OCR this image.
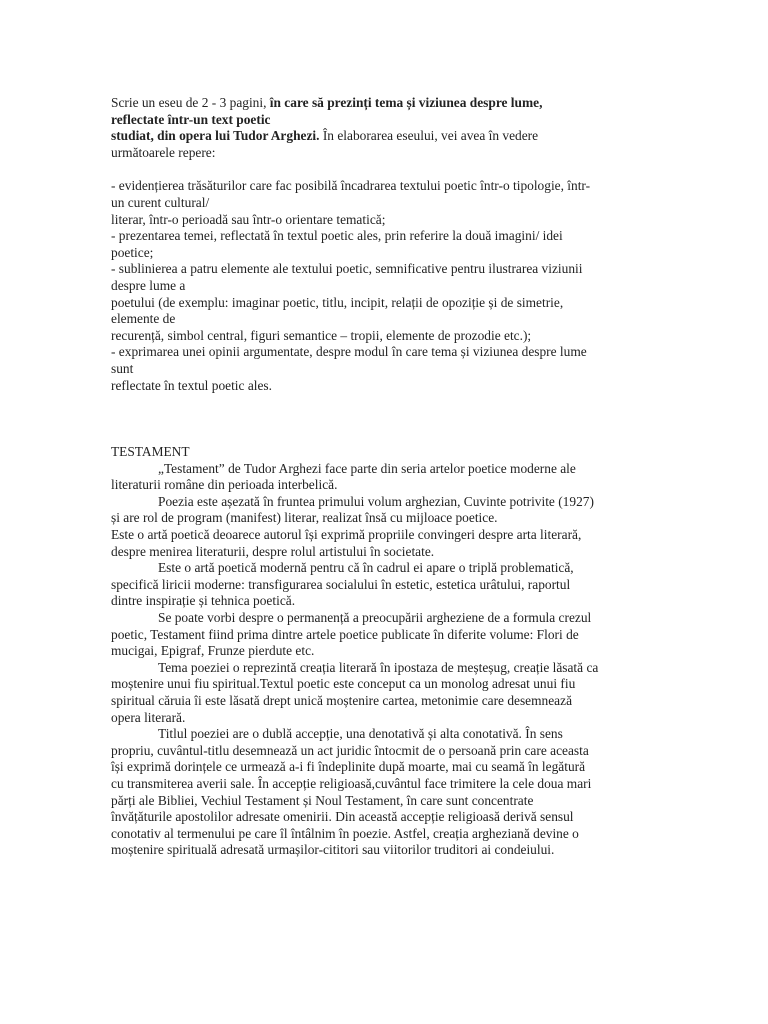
Scrie un eseu de 2 - 3 pagini, în care să prezinți tema și viziunea despre lume,
reflectate într-un text poetic
studiat, din opera lui Tudor Arghezi. În elaborarea eseului, vei avea în vedere
următoarele repere:
- evidențierea trăsăturilor care fac posibilă încadrarea textului poetic într-o tipologie, într-
un curent cultural/
literar, într-o perioadă sau într-o orientare tematică;
- prezentarea temei, reflectată în textul poetic ales, prin referire la două imagini/ idei
poetice;
- sublinierea a patru elemente ale textului poetic, semnificative pentru ilustrarea viziunii
despre lume a
poetului (de exemplu: imaginar poetic, titlu, incipit, relații de opoziție și de simetrie,
elemente de
recurență, simbol central, figuri semantice – tropii, elemente de prozodie etc.);
- exprimarea unei opinii argumentate, despre modul în care tema și viziunea despre lume
sunt
reflectate în textul poetic ales.
TESTAMENT
„Testament” de Tudor Arghezi face parte din seria artelor poetice moderne ale
literaturii române din perioada interbelică.
Poezia este așezată în fruntea primului volum arghezian, Cuvinte potrivite (1927)
și are rol de program (manifest) literar, realizat însă cu mijloace poetice.
Este o artă poetică deoarece autorul își exprimă propriile convingeri despre arta literară,
despre menirea literaturii, despre rolul artistului în societate.
Este o artă poetică modernă pentru că în cadrul ei apare o triplă problematică,
specifică liricii moderne: transfigurarea socialului în estetic, estetica urâtului, raportul
dintre inspirație și tehnica poetică.
Se poate vorbi despre o permanență a preocupării argheziene de a formula crezul
poetic, Testament fiind prima dintre artele poetice publicate în diferite volume: Flori de
mucigai, Epigraf, Frunze pierdute etc.
Tema poeziei o reprezintă creația literară în ipostaza de meșteșug, creație lăsată ca
moștenire unui fiu spiritual.Textul poetic este conceput ca un monolog adresat unui fiu
spiritual căruia îi este lăsată drept unică moștenire cartea, metonimie care desemnează
opera literară.
Titlul poeziei are o dublă accepție, una denotativă și alta conotativă. În sens
propriu, cuvântul-titlu desemnează un act juridic întocmit de o persoană prin care aceasta
își exprimă dorințele ce urmează a-i fi îndeplinite după moarte, mai cu seamă în legătură
cu transmiterea averii sale. În accepție religioasă,cuvântul face trimitere la cele doua mari
părți ale Bibliei, Vechiul Testament și Noul Testament, în care sunt concentrate
învățăturile apostolilor adresate omenirii. Din această accepție religioasă derivă sensul
conotativ al termenului pe care îl întâlnim în poezie. Astfel, creația argheziană devine o
moștenire spirituală adresată urmașilor-cititori sau viitorilor truditori ai condeiului.
